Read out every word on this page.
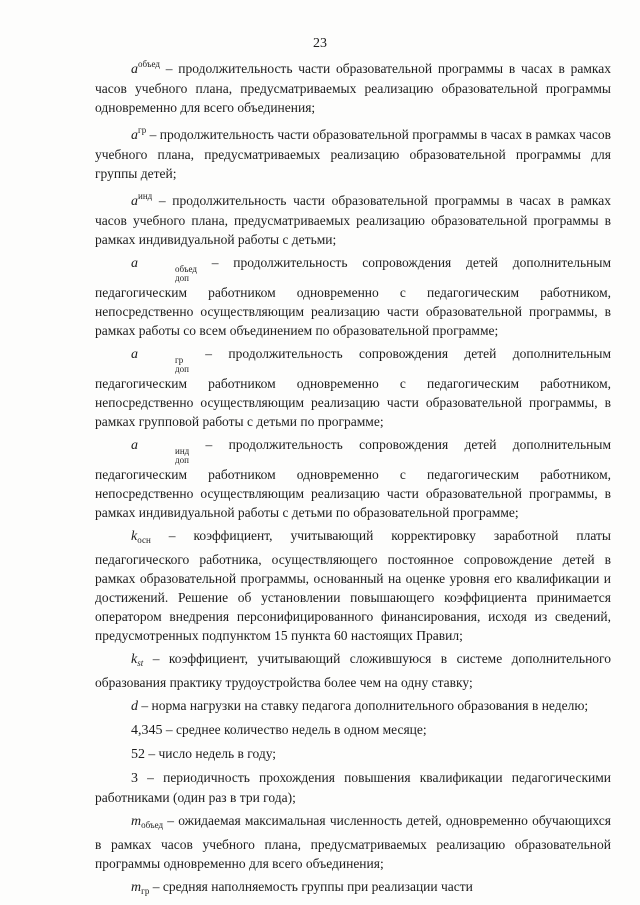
23

$a^{объед}$ – продолжительность части образовательной программы в часах в рамках часов учебного плана, предусматриваемых реализацию образовательной программы одновременно для всего объединения;

$a^{гр}$ – продолжительность части образовательной программы в часах в рамках часов учебного плана, предусматриваемых реализацию образовательной программы для группы детей;

$a^{инд}$ – продолжительность части образовательной программы в часах в рамках часов учебного плана, предусматриваемых реализацию образовательной программы в рамках индивидуальной работы с детьми;

a	объед
доп
– продолжительность сопровождения детей дополнительным педагогическим работником одновременно с педагогическим работником, непосредственно осуществляющим реализацию части образовательной программы, в рамках работы со всем объединением по образовательной программе;

a	гр
доп
– продолжительность сопровождения детей дополнительным педагогическим работником одновременно с педагогическим работником, непосредственно осуществляющим реализацию части образовательной программы, в рамках групповой работы с детьми по программе;

a	инд
доп
– продолжительность сопровождения детей дополнительным педагогическим работником одновременно с педагогическим работником, непосредственно осуществляющим реализацию части образовательной программы, в рамках индивидуальной работы с детьми по образовательной программе;

$k_{осн}$ – коэффициент, учитывающий корректировку заработной платы педагогического работника, осуществляющего постоянное сопровождение детей в рамках образовательной программы, основанный на оценке уровня его квалификации и достижений. Решение об установлении повышающего коэффициента принимается оператором внедрения персонифицированного финансирования, исходя из сведений, предусмотренных подпунктом 15 пункта 60 настоящих Правил;

$k_{st}$ – коэффициент, учитывающий сложившуюся в системе дополнительного образования практику трудоустройства более чем на одну ставку;

d – норма нагрузки на ставку педагога дополнительного образования в неделю;

4,345 – среднее количество недель в одном месяце;

52 – число недель в году;

3 – периодичность прохождения повышения квалификации педагогическими работниками (один раз в три года);

$m_{объед}$ – ожидаемая максимальная численность детей, одновременно обучающихся в рамках часов учебного плана, предусматриваемых реализацию образовательной программы одновременно для всего объединения;

$m_{гр}$ – средняя наполняемость группы при реализации части
